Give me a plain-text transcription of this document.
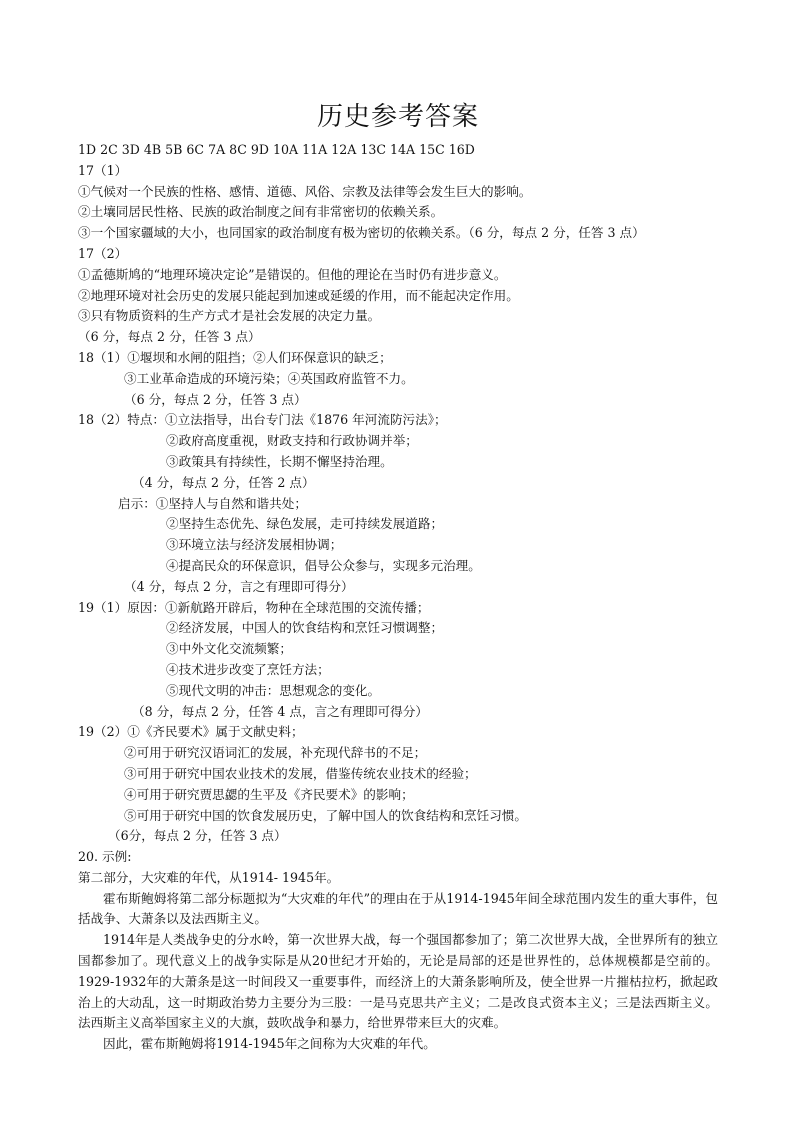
历史参考答案
1D 2C 3D 4B 5B 6C 7A 8C 9D 10A 11A 12A 13C 14A 15C 16D
17（1）
①气候对一个民族的性格、感情、道德、风俗、宗教及法律等会发生巨大的影响。
②土壤同居民性格、民族的政治制度之间有非常密切的依赖关系。
③一个国家疆域的大小，也同国家的政治制度有极为密切的依赖关系。（6 分，每点 2 分，任答 3 点）
17（2）
①孟德斯鸠的“地理环境决定论”是错误的。但他的理论在当时仍有进步意义。
②地理环境对社会历史的发展只能起到加速或延缓的作用，而不能起决定作用。
③只有物质资料的生产方式才是社会发展的决定力量。
（6 分，每点 2 分，任答 3 点）
18（1）①堰坝和水闸的阻挡；②人们环保意识的缺乏；
③工业革命造成的环境污染；④英国政府监管不力。
（6 分，每点 2 分，任答 3 点）
18（2）特点：①立法指导，出台专门法《1876 年河流防污法》；
②政府高度重视，财政支持和行政协调并举；
③政策具有持续性，长期不懈坚持治理。
（4 分，每点 2 分，任答 2 点）
启示：①坚持人与自然和谐共处；
②坚持生态优先、绿色发展，走可持续发展道路；
③环境立法与经济发展相协调；
④提高民众的环保意识，倡导公众参与，实现多元治理。
（4 分，每点 2 分，言之有理即可得分）
19（1）原因：①新航路开辟后，物种在全球范围的交流传播；
②经济发展，中国人的饮食结构和烹饪习惯调整；
③中外文化交流频繁；
④技术进步改变了烹饪方法；
⑤现代文明的冲击：思想观念的变化。
（8 分，每点 2 分，任答 4 点，言之有理即可得分）
19（2）①《齐民要术》属于文献史料；
②可用于研究汉语词汇的发展，补充现代辞书的不足；
③可用于研究中国农业技术的发展，借鉴传统农业技术的经验；
④可用于研究贾思勰的生平及《齐民要术》的影响；
⑤可用于研究中国的饮食发展历史，了解中国人的饮食结构和烹饪习惯。
（6分，每点 2 分，任答 3 点）
20. 示例:
第二部分，大灾难的年代，从1914- 1945年。

霍布斯鲍姆将第二部分标题拟为“大灾难的年代”的理由在于从1914-1945年间全球范围内发生的重大事件，包括战争、大萧条以及法西斯主义。

1914年是人类战争史的分水岭，第一次世界大战，每一个强国都参加了；第二次世界大战，全世界所有的独立国都参加了。现代意义上的战争实际是从20世纪才开始的，无论是局部的还是世界性的，总体规模都是空前的。1929-1932年的大萧条是这一时间段又一重要事件，而经济上的大萧条影响所及，使全世界一片摧枯拉朽，掀起政治上的大动乱，这一时期政治势力主要分为三股：一是马克思共产主义；二是改良式资本主义；三是法西斯主义。法西斯主义高举国家主义的大旗，鼓吹战争和暴力，给世界带来巨大的灾难。

因此，霍布斯鲍姆将1914-1945年之间称为大灾难的年代。
